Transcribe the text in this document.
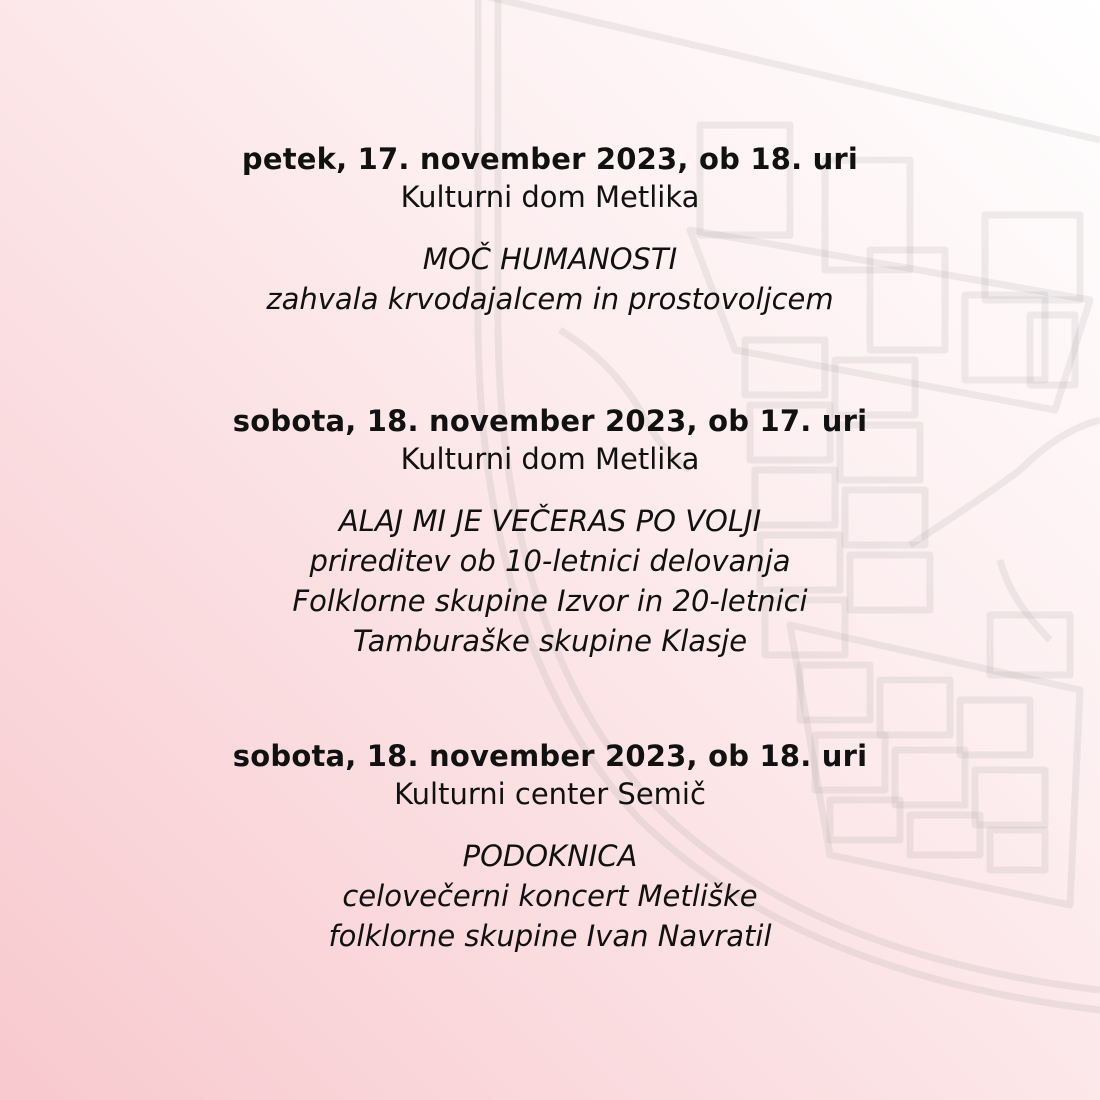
petek, 17. november 2023, ob 18. uri
Kulturni dom Metlika
MOČ HUMANOSTI
zahvala krvodajalcem in prostovoljcem
sobota, 18. november 2023, ob 17. uri
Kulturni dom Metlika
ALAJ MI JE VEČERAS PO VOLJI
prireditev ob 10-letnici delovanja
Folklorne skupine Izvor in 20-letnici
Tamburaške skupine Klasje
sobota, 18. november 2023, ob 18. uri
Kulturni center Semič
PODOKNICA
celovečerni koncert Metliške
folklorne skupine Ivan Navratil
